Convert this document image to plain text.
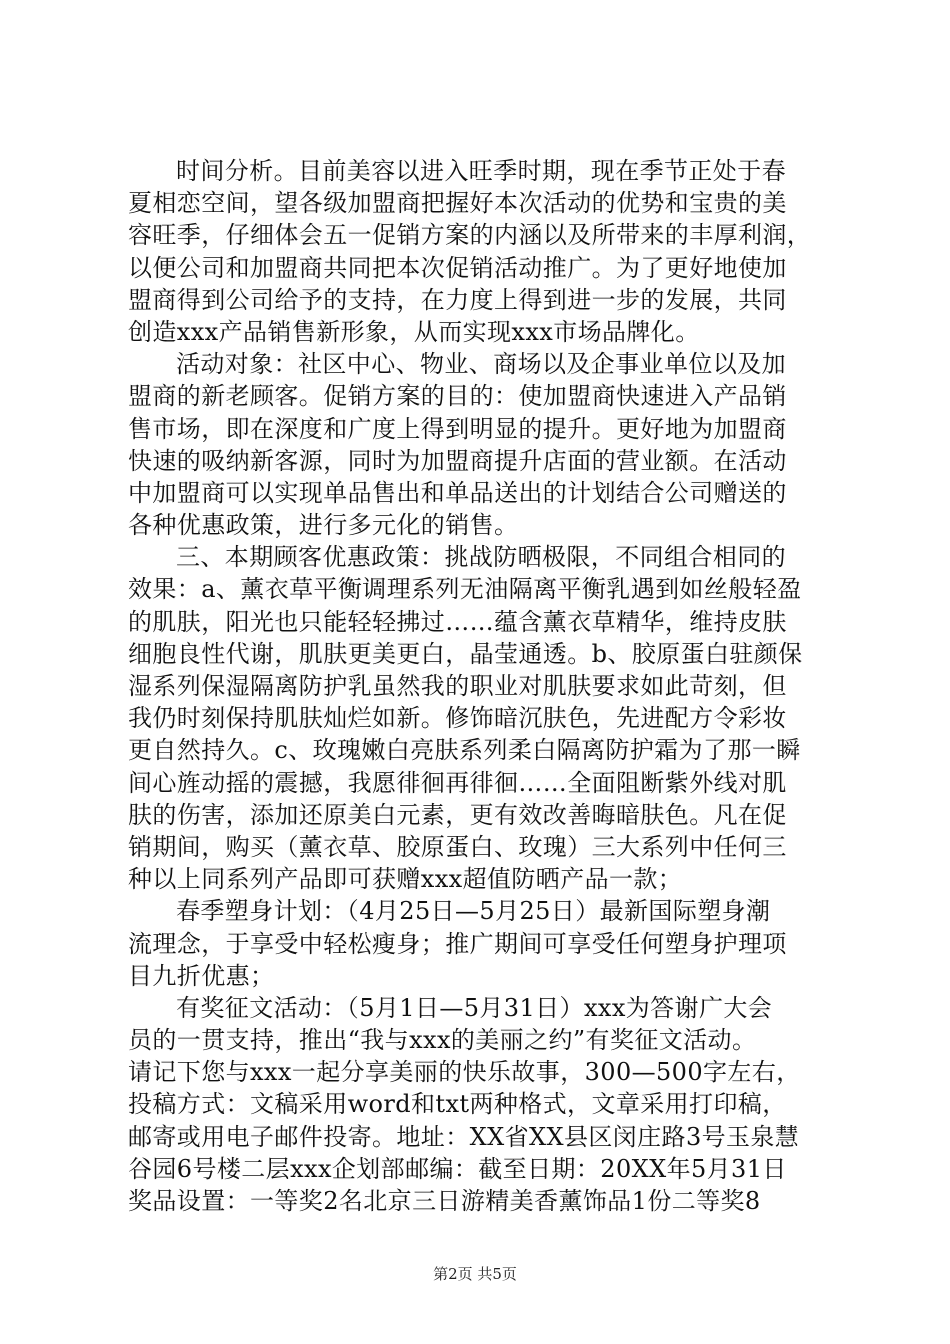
时间分析。目前美容以进入旺季时期，现在季节正处于春
夏相恋空间，望各级加盟商把握好本次活动的优势和宝贵的美
容旺季，仔细体会五一促销方案的内涵以及所带来的丰厚利润，
以便公司和加盟商共同把本次促销活动推广。为了更好地使加
盟商得到公司给予的支持，在力度上得到进一步的发展，共同
创造xxx产品销售新形象，从而实现xxx市场品牌化。
活动对象：社区中心、物业、商场以及企事业单位以及加
盟商的新老顾客。促销方案的目的：使加盟商快速进入产品销
售市场，即在深度和广度上得到明显的提升。更好地为加盟商
快速的吸纳新客源，同时为加盟商提升店面的营业额。在活动
中加盟商可以实现单品售出和单品送出的计划结合公司赠送的
各种优惠政策，进行多元化的销售。
三、本期顾客优惠政策：挑战防晒极限，不同组合相同的
效果：a、薰衣草平衡调理系列无油隔离平衡乳遇到如丝般轻盈
的肌肤，阳光也只能轻轻拂过……蕴含薰衣草精华，维持皮肤
细胞良性代谢，肌肤更美更白，晶莹通透。b、胶原蛋白驻颜保
湿系列保湿隔离防护乳虽然我的职业对肌肤要求如此苛刻，但
我仍时刻保持肌肤灿烂如新。修饰暗沉肤色，先进配方令彩妆
更自然持久。c、玫瑰嫩白亮肤系列柔白隔离防护霜为了那一瞬
间心旌动摇的震撼，我愿徘徊再徘徊……全面阻断紫外线对肌
肤的伤害，添加还原美白元素，更有效改善晦暗肤色。凡在促
销期间，购买（薰衣草、胶原蛋白、玫瑰）三大系列中任何三
种以上同系列产品即可获赠xxx超值防晒产品一款；
春季塑身计划：（4月25日—5月25日）最新国际塑身潮
流理念，于享受中轻松瘦身；推广期间可享受任何塑身护理项
目九折优惠；
有奖征文活动：（5月1日—5月31日）xxx为答谢广大会
员的一贯支持，推出“我与xxx的美丽之约”有奖征文活动。
请记下您与xxx一起分享美丽的快乐故事，300—500字左右，
投稿方式：文稿采用word和txt两种格式，文章采用打印稿，
邮寄或用电子邮件投寄。地址：XX省XX县区闵庄路3号玉泉慧
谷园6号楼二层xxx企划部邮编：截至日期：20XX年5月31日
奖品设置：一等奖2名北京三日游精美香薰饰品1份二等奖8
第2页 共5页
